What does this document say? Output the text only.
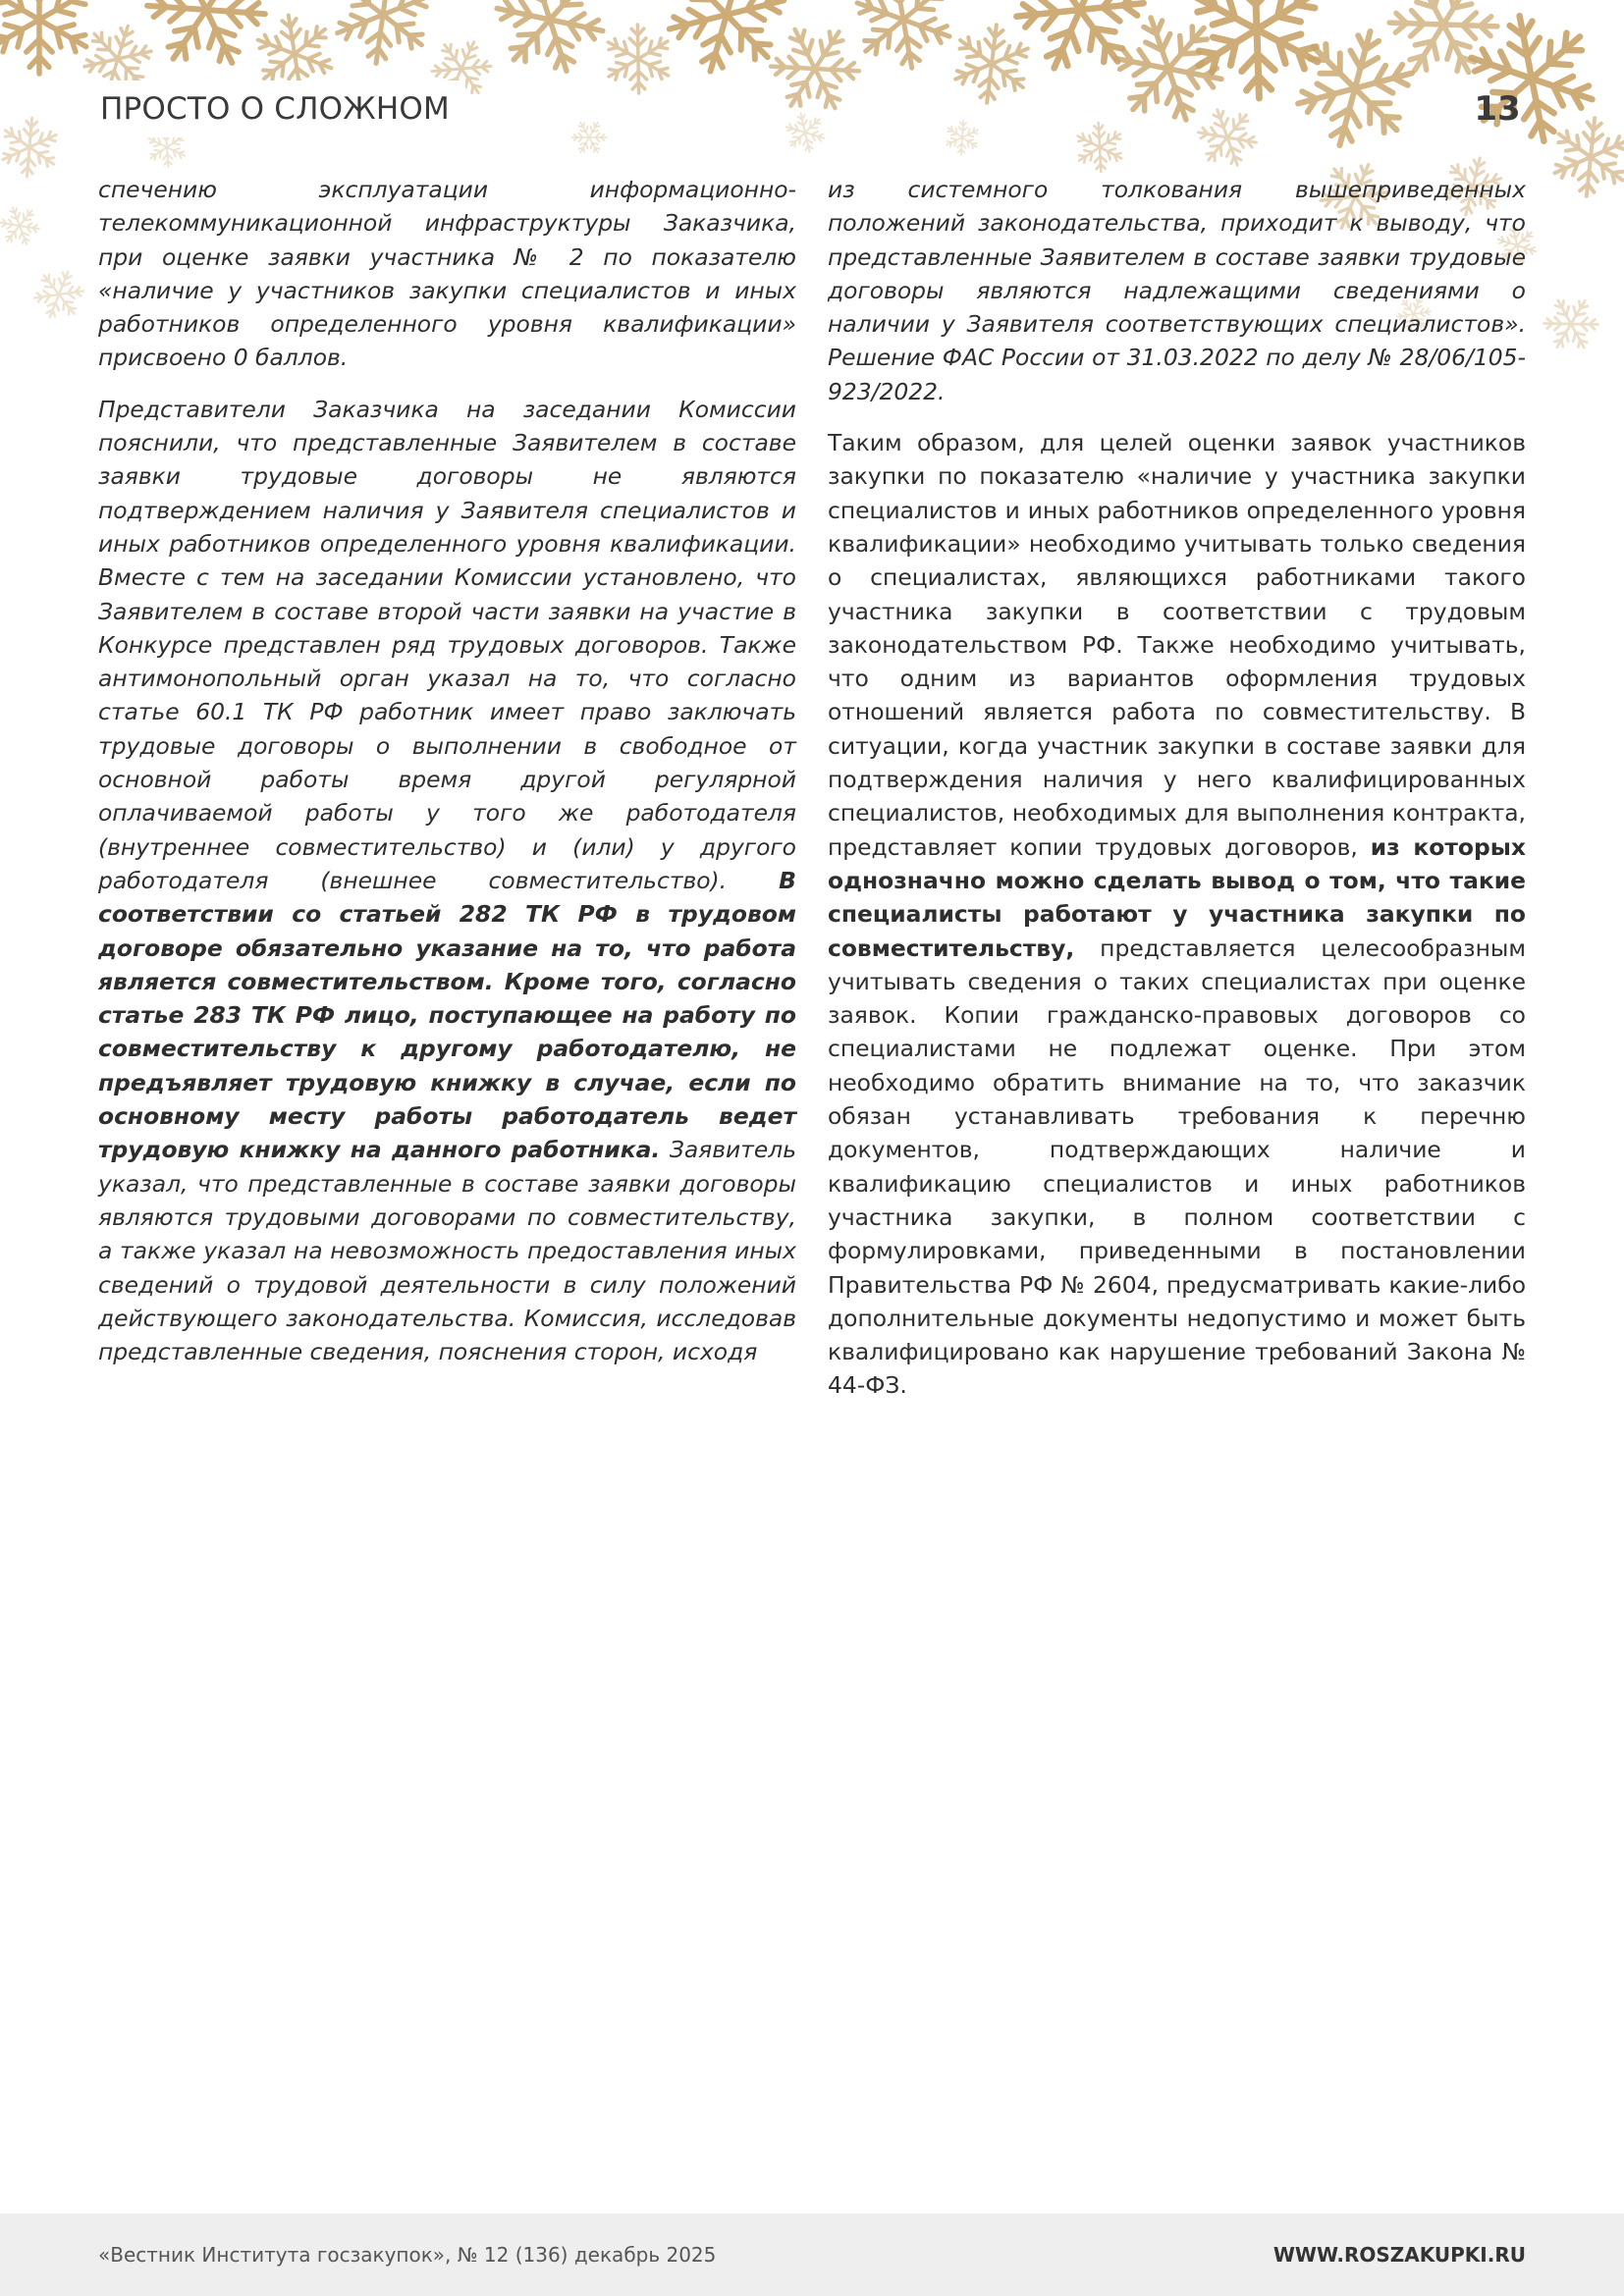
ПРОСТО О СЛОЖНОМ	13

спечению эксплуатации информационно-телекоммуникационной инфраструктуры Заказчика, при оценке заявки участника № 2 по показателю «наличие у участников закупки специалистов и иных работников определенного уровня квалификации» присвоено 0 баллов.

Представители Заказчика на заседании Комиссии пояснили, что представленные Заявителем в составе заявки трудовые договоры не являются подтверждением наличия у Заявителя специалистов и иных работников определенного уровня квалификации. Вместе с тем на заседании Комиссии установлено, что Заявителем в составе второй части заявки на участие в Конкурсе представлен ряд трудовых договоров. Также антимонопольный орган указал на то, что согласно статье 60.1 ТК РФ работник имеет право заключать трудовые договоры о выполнении в свободное от основной работы время другой регулярной оплачиваемой работы у того же работодателя (внутреннее совместительство) и (или) у другого работодателя (внешнее совместительство). В соответствии со статьей 282 ТК РФ в трудовом договоре обязательно указание на то, что работа является совместительством. Кроме того, согласно статье 283 ТК РФ лицо, поступающее на работу по совместительству к другому работодателю, не предъявляет трудовую книжку в случае, если по основному месту работы работодатель ведет трудовую книжку на данного работника. Заявитель указал, что представленные в составе заявки договоры являются трудовыми договорами по совместительству, а также указал на невозможность предоставления иных сведений о трудовой деятельности в силу положений действующего законодательства. Комиссия, исследовав представленные сведения, пояснения сторон, исходя

из системного толкования вышеприведенных положений законодательства, приходит к выводу, что представленные Заявителем в составе заявки трудовые договоры являются надлежащими сведениями о наличии у Заявителя соответствующих специалистов». Решение ФАС России от 31.03.2022 по делу № 28/06/105-923/2022.

Таким образом, для целей оценки заявок участников закупки по показателю «наличие у участника закупки специалистов и иных работников определенного уровня квалификации» необходимо учитывать только сведения о специалистах, являющихся работниками такого участника закупки в соответствии с трудовым законодательством РФ. Также необходимо учитывать, что одним из вариантов оформления трудовых отношений является работа по совместительству. В ситуации, когда участник закупки в составе заявки для подтверждения наличия у него квалифицированных специалистов, необходимых для выполнения контракта, представляет копии трудовых договоров, из которых однозначно можно сделать вывод о том, что такие специалисты работают у участника закупки по совместительству, представляется целесообразным учитывать сведения о таких специалистах при оценке заявок. Копии гражданско-правовых договоров со специалистами не подлежат оценке. При этом необходимо обратить внимание на то, что заказчик обязан устанавливать требования к перечню документов, подтверждающих наличие и квалификацию специалистов и иных работников участника закупки, в полном соответствии с формулировками, приведенными в постановлении Правительства РФ № 2604, предусматривать какие-либо дополнительные документы недопустимо и может быть квалифицировано как нарушение требований Закона № 44-ФЗ.

«Вестник Института госзакупок», № 12 (136) декабрь 2025	WWW.ROSZAKUPKI.RU
